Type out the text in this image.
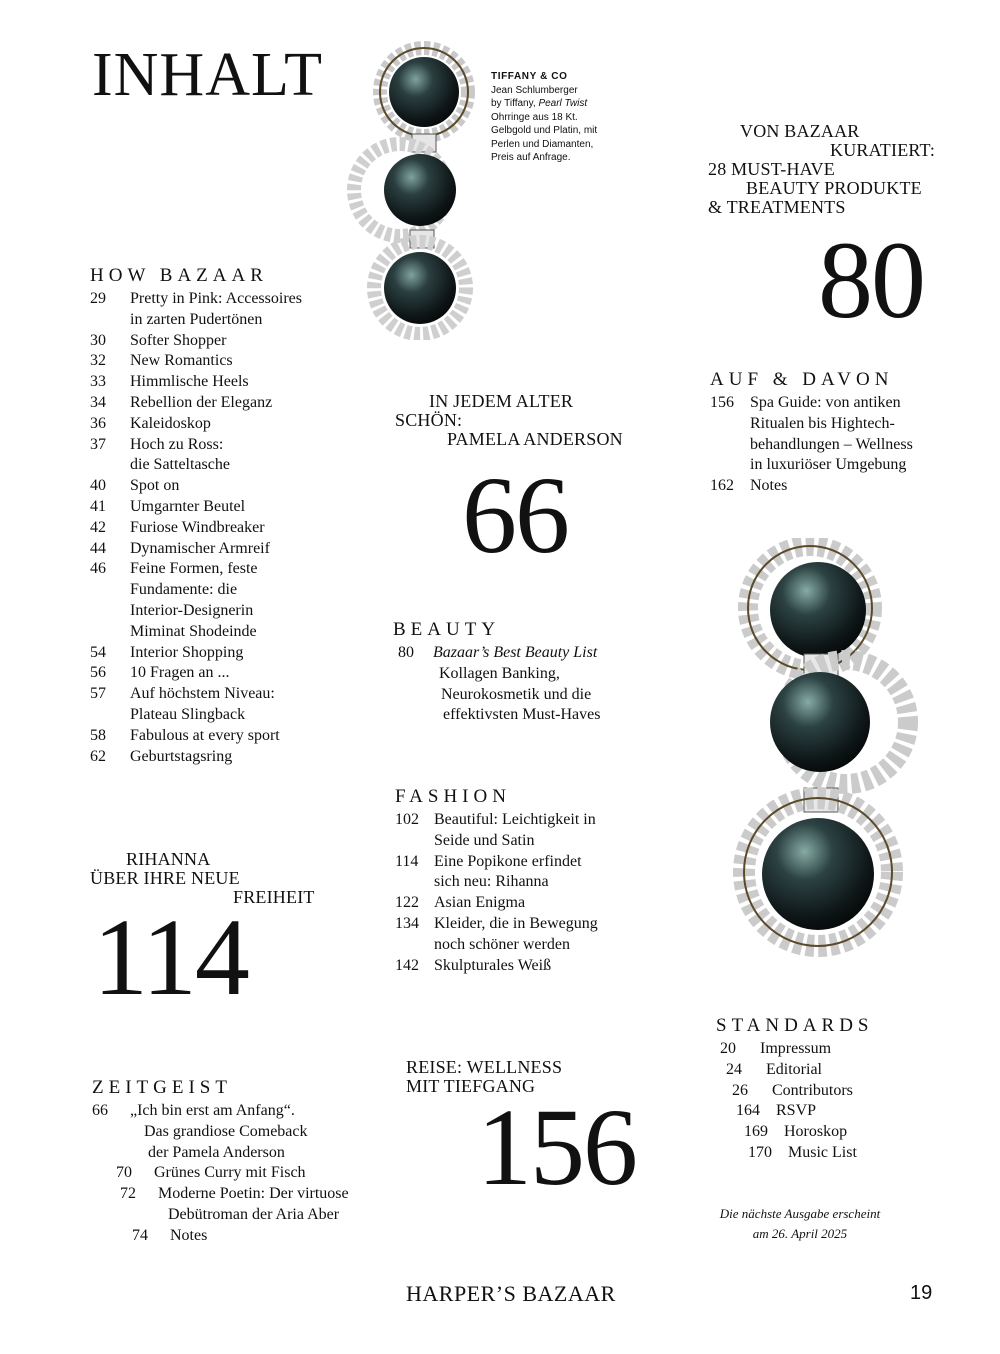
INHALT	TIFFANY & CO
Jean Schlumberger
by Tiffany, Pearl Twist
Ohrringe aus 18 Kt.
Gelbgold und Platin, mit
Perlen und Diamanten,
Preis auf Anfrage.
VON BAZAAR
KURATIERT:
28 MUST-HAVE
BEAUTY PRODUKTE
& TREATMENTS
80
HOW BAZAAR
29	Pretty in Pink: Accessoires
in zarten Pudertönen
30	Softer Shopper
32	New Romantics
33	Himmlische Heels
34	Rebellion der Eleganz
36	Kaleidoskop
37	Hoch zu Ross:
die Satteltasche
40	Spot on
41	Umgarnter Beutel
42	Furiose Windbreaker
44	Dynamischer Armreif
46	Feine Formen, feste
Fundamente: die
Interior-Designerin
Miminat Shodeinde
54	Interior Shopping
56	10 Fragen an ...
57	Auf höchstem Niveau:
Plateau Slingback
58	Fabulous at every sport
62	Geburtstagsring
IN JEDEM ALTER
SCHÖN:
PAMELA ANDERSON
66
AUF & DAVON
156	Spa Guide: von antiken
Ritualen bis Hightech-
behandlungen – Wellness
in luxuriöser Umgebung
162	Notes
BEAUTY
80	Bazaar’s Best Beauty List
Kollagen Banking,
Neurokosmetik und die
effektivsten Must-Haves
FASHION
102 Beautiful: Leichtigkeit in
Seide und Satin
114 Eine Popikone erfindet
sich neu: Rihanna
122 Asian Enigma
134 Kleider, die in Bewegung
noch schöner werden
142 Skulpturales Weiß
RIHANNA
ÜBER IHRE NEUE
FREIHEIT
114
STANDARDS
20	Impressum
24	Editorial
26	Contributors
164	RSVP
169	Horoskop
170	Music List
REISE: WELLNESS
MIT TIEFGANG
156
ZEITGEIST
66	„Ich bin erst am Anfang“.
Das grandiose Comeback
der Pamela Anderson
70	Grünes Curry mit Fisch
72	Moderne Poetin: Der virtuose
Debütroman der Aria Aber
74	Notes
Die nächste Ausgabe erscheint
am 26. April 2025
HARPER’S BAZAAR	19
